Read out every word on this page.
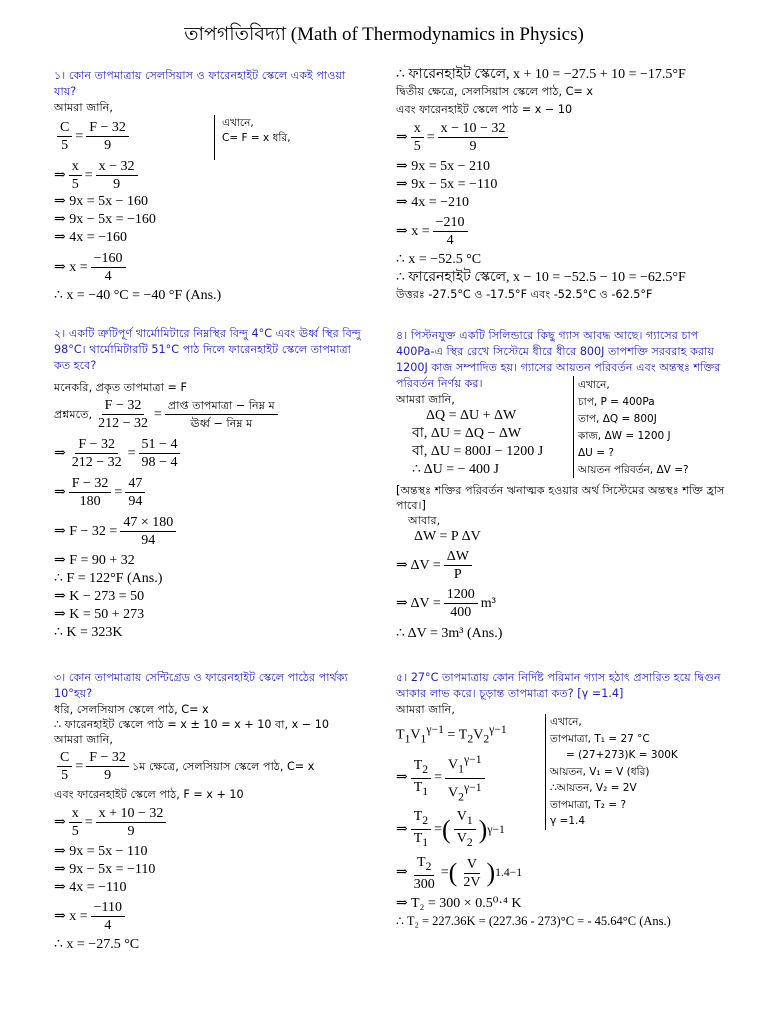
তাপগতিবিদ্যা (Math of Thermodynamics in Physics)
১। কোন তাপমাত্রায় সেলসিয়াস ও ফারেনহাইট স্কেলে একই পাওয়া যায়?
আমরা জানি,
C
5
=
F − 32
9
⇒
x
5
=
x − 32
9
⇒ 9x = 5x − 160
⇒ 9x − 5x = −160
⇒ 4x = −160
⇒ x =
−160
4
∴ x = −40 °C = −40 °F (Ans.)
এখানে,
C= F = x ধরি,
২। একটি ত্রুটিপূর্ণ থার্মোমিটারে নিম্নস্থির বিন্দু 4°C এবং ঊর্ধ্ব স্থির বিন্দু 98°C। থার্মোমিটারটি 51°C পাঠ দিলে ফারেনহাইট স্কেলে তাপমাত্রা কত হবে?
মনেকরি, প্রকৃত তাপমাত্রা = F
প্রশ্নমতে, $\frac{F - 32}{212 - 32}$ =
প্রাপ্ত তাপমাত্রা − নিম্ন ম
ঊর্ধ্ব − নিম্ন ম
⇒
F − 32
212 − 32
=
51 − 4
98 − 4
⇒
F − 32
180
=
47
94
⇒ F − 32 =
47 × 180
94
⇒ F = 90 + 32
∴ F = 122°F (Ans.)
⇒ K − 273 = 50
⇒ K = 50 + 273
∴ K = 323K
৩। কোন তাপমাত্রায় সেন্টিগ্রেড ও ফারেনহাইট স্কেলে পাঠের পার্থক্য 10°হয়?
ধরি, সেলসিয়াস স্কেলে পাঠ, C= x
∴ ফারেনহাইট স্কেলে পাঠ = x ± 10 = x + 10 বা, x − 10
আমরা জানি,
$\frac{C}{5} = \frac{F - 32}{9}$ ১ম ক্ষেত্রে, সেলসিয়াস স্কেলে পাঠ, C= x
এবং ফারেনহাইট স্কেলে পাঠ, F = x + 10
⇒
x
5
=
x + 10 − 32
9
⇒ 9x = 5x − 110
⇒ 9x − 5x = −110
⇒ 4x = −110
⇒ x =
−110
4
∴ x = −27.5 °C
∴ ফারেনহাইট স্কেলে, x + 10 = −27.5 + 10 = −17.5°F
দ্বিতীয় ক্ষেত্রে, সেলসিয়াস স্কেলে পাঠ, C= x
এবং ফারেনহাইট স্কেলে পাঠ = x − 10
⇒
x
5
=
x − 10 − 32
9
⇒ 9x = 5x − 210
⇒ 9x − 5x = −110
⇒ 4x = −210
⇒ x =
−210
4
∴ x = −52.5 °C
∴ ফারেনহাইট স্কেলে, x − 10 = −52.5 − 10 = −62.5°F
উত্তরঃ -27.5°C ও -17.5°F এবং -52.5°C ও -62.5°F
৪। পিস্টনযুক্ত একটি সিলিন্ডারে কিছু গ্যাস আবদ্ধ আছে। গ্যাসের চাপ 400Pa-এ স্থির রেখে সিস্টেমে ধীরে ধীরে 800J তাপশক্তি সরবরাহ করায় 1200J কাজ সম্পাদিত হয়। গ্যাসের আয়তন পরিবর্তন এবং অন্তস্থঃ শক্তির পরিবর্তন নির্ণয় কর।
আমরা জানি,
ΔQ = ΔU + ΔW
বা, ΔU = ΔQ − ΔW
বা, ΔU = 800J − 1200 J
∴ ΔU = − 400 J
[অন্তস্থঃ শক্তির পরিবর্তন ঋনাত্মক হওয়ার অর্থ সিস্টেমের অন্তস্থঃ শক্তি হ্রাস পাবে।]
আবার,
ΔW = P ΔV
⇒ ΔV =
ΔW
P
⇒ ΔV =
1200
400
m³
∴ ΔV = 3m³ (Ans.)
এখানে,
চাপ, P = 400Pa
তাপ, ΔQ = 800J
কাজ, ΔW = 1200 J
ΔU = ?
আয়তন পরিবর্তন, ΔV =?
৫। 27°C তাপমাত্রায় কোন নির্দিষ্ট পরিমান গ্যাস হঠাৎ প্রসারিত হয়ে দ্বিগুন আকার লাভ করে। চূড়ান্ত তাপমাত্রা কত? [γ =1.4]
আমরা জানি,
$T_1V_1^{\gamma-1} = T_2V_2^{\gamma-1}$
⇒
$T_2$
$T_1$
=
$V_1^{\gamma-1}$
$V_2^{\gamma-1}$
⇒
$T_2$
$T_1$
= ( $V_1$
$V_2$ ) γ−1
⇒
$T_2$
300
= ( V
2V ) 1.4−1
⇒ T₂ = 300 × 0.5⁰·⁴ K
∴ T₂ = 227.36K = (227.36 - 273)°C = - 45.64°C (Ans.)
এখানে,
তাপমাত্রা, T₁ = 27 °C
= (27+273)K = 300K
আয়তন, V₁ = V (ধরি)
∴আয়তন, V₂ = 2V
তাপমাত্রা, T₂ = ?
γ =1.4
